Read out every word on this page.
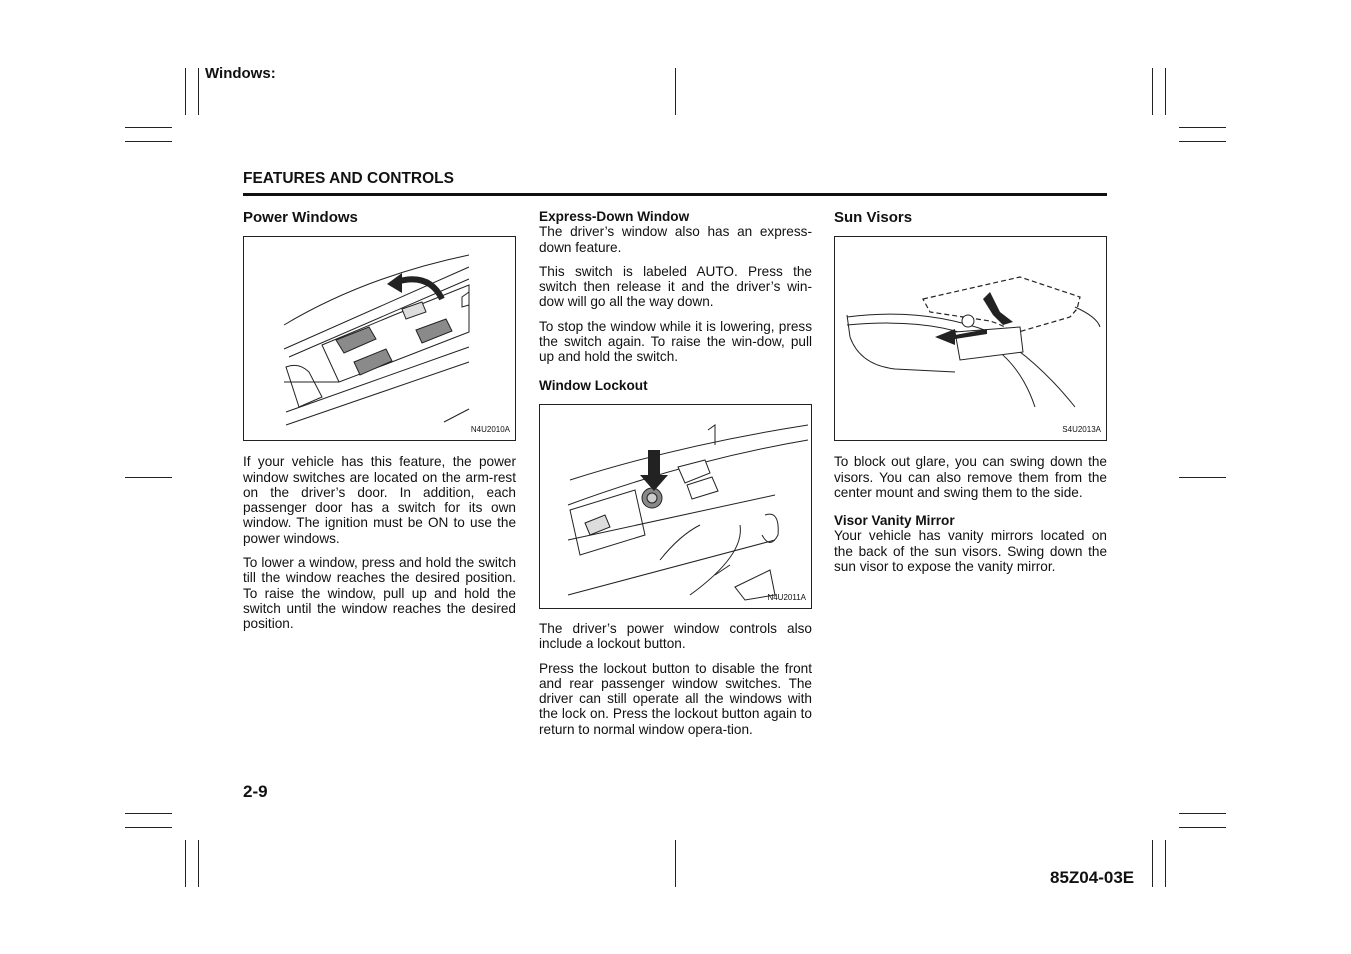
Windows:
FEATURES AND CONTROLS
Power Windows
N4U2010A

If your vehicle has this feature, the power window switches are located on the arm-rest on the driver’s door. In addition, each passenger door has a switch for its own window. The ignition must be ON to use the power windows.

To lower a window, press and hold the switch till the window reaches the desired position. To raise the window, pull up and hold the switch until the window reaches the desired position.

Express-Down Window

The driver’s window also has an express-down feature.

This switch is labeled AUTO. Press the switch then release it and the driver’s win-dow will go all the way down.

To stop the window while it is lowering, press the switch again. To raise the win-dow, pull up and hold the switch.

Window Lockout
N4U2011A

The driver’s power window controls also include a lockout button.

Press the lockout button to disable the front and rear passenger window switches. The driver can still operate all the windows with the lock on. Press the lockout button again to return to normal window opera-tion.

Sun Visors
S4U2013A

To block out glare, you can swing down the visors. You can also remove them from the center mount and swing them to the side.

Visor Vanity Mirror

Your vehicle has vanity mirrors located on the back of the sun visors. Swing down the sun visor to expose the vanity mirror.

2-9
85Z04-03E
